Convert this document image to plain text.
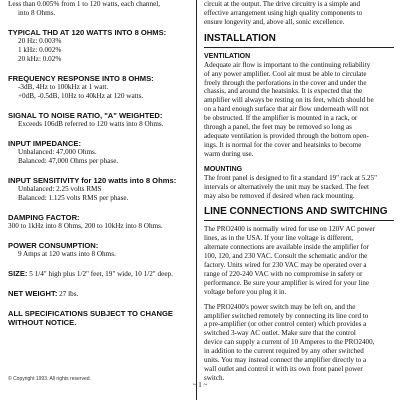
Less than 0.005% from 1 to 120 watts, each channel,
into 8 Ohms.
TYPICAL THD AT 120 WATTS INTO 8 OHMS:
20 Hz: 0.003%
1 kHz: 0.002%
20 kHz: 0.02%
FREQUENCY RESPONSE INTO 8 OHMS:
-3dB, 4Hz to 100kHz at 1 watt.
+0dB, -0.5dB, 10Hz to 40kHz at 120 watts.
SIGNAL TO NOISE RATIO, "A" WEIGHTED:
Exceeds 106dB referred to 120 watts into 8 Ohms.
INPUT IMPEDANCE:
Unbalanced: 47,000 Ohms.
Balanced: 47,000 Ohms per phase.
INPUT SENSITIVITY for 120 watts into 8 Ohms:
Unbalanced: 2.25 volts RMS
Balanced: 1.125 volts RMS per phase.
DAMPING FACTOR:
300 to 1kHz into 8 Ohms, 200 to 10kHz into 8 Ohms.
POWER CONSUMPTION:
9 Amps at 120 watts into 8 Ohms.
SIZE: 5 1/4" high plus 1/2" feet, 19" wide, 10 1/2" deep.
NET WEIGHT: 27 lbs.
ALL SPECIFICATIONS SUBJECT TO CHANGE
WITHOUT NOTICE.
circuit at the output. The drive circuitry is a simple and
effective arrangement using high quality components to
ensure longevity and, above all, sonic excellence.
INSTALLATION
VENTILATION
Adequate air flow is important to the continuing reliability
of any power amplifier. Cool air must be able to circulate
freely through the perforations in the cover and under the
chassis, and around the heatsinks. It is expected that the
amplifier will always be resting on its feet, which should be
on a hard enough surface that air flow underneath will not
be obstructed. If the amplifier is mounted in a rack, or
through a panel, the feet may be removed so long as
adequate ventilation is provided through the bottom open-
ings. It is normal for the cover and heatsinks to become
warm during use.
MOUNTING
The front panel is designed to fit a standard 19" rack at 5.25"
intervals or alternatively the unit may be stacked. The feet
may also be removed if desired when rack mounting.
LINE CONNECTIONS AND SWITCHING
The PRO2400 is normally wired for use on 120V AC power
lines, as in the USA. If your line voltage is different,
alternate connections are available inside the amplifier for
100, 120, and 230 VAC. Consult the schematic and/or the
factory. Units wired for 230 VAC may be operated over a
range of 220-240 VAC with no compromise in safety or
performance. Be sure your amplifier is wired for your line
voltage before you plug it in.
The PRO2400's power switch may be left on, and the
amplifier switched remotely by connecting its line cord to
a pre-amplifier (or other control center) which provides a
switched 3-way AC outlet. Make sure that the control
device can supply a current of 10 Amperes to the PRO2400,
in addition to the current required by any other switched
units. You may instead connect the amplifier directly to a
wall outlet and control it with its own front panel power
switch.
© Copyright 1993. All rights reserved.
~ 1 ~
